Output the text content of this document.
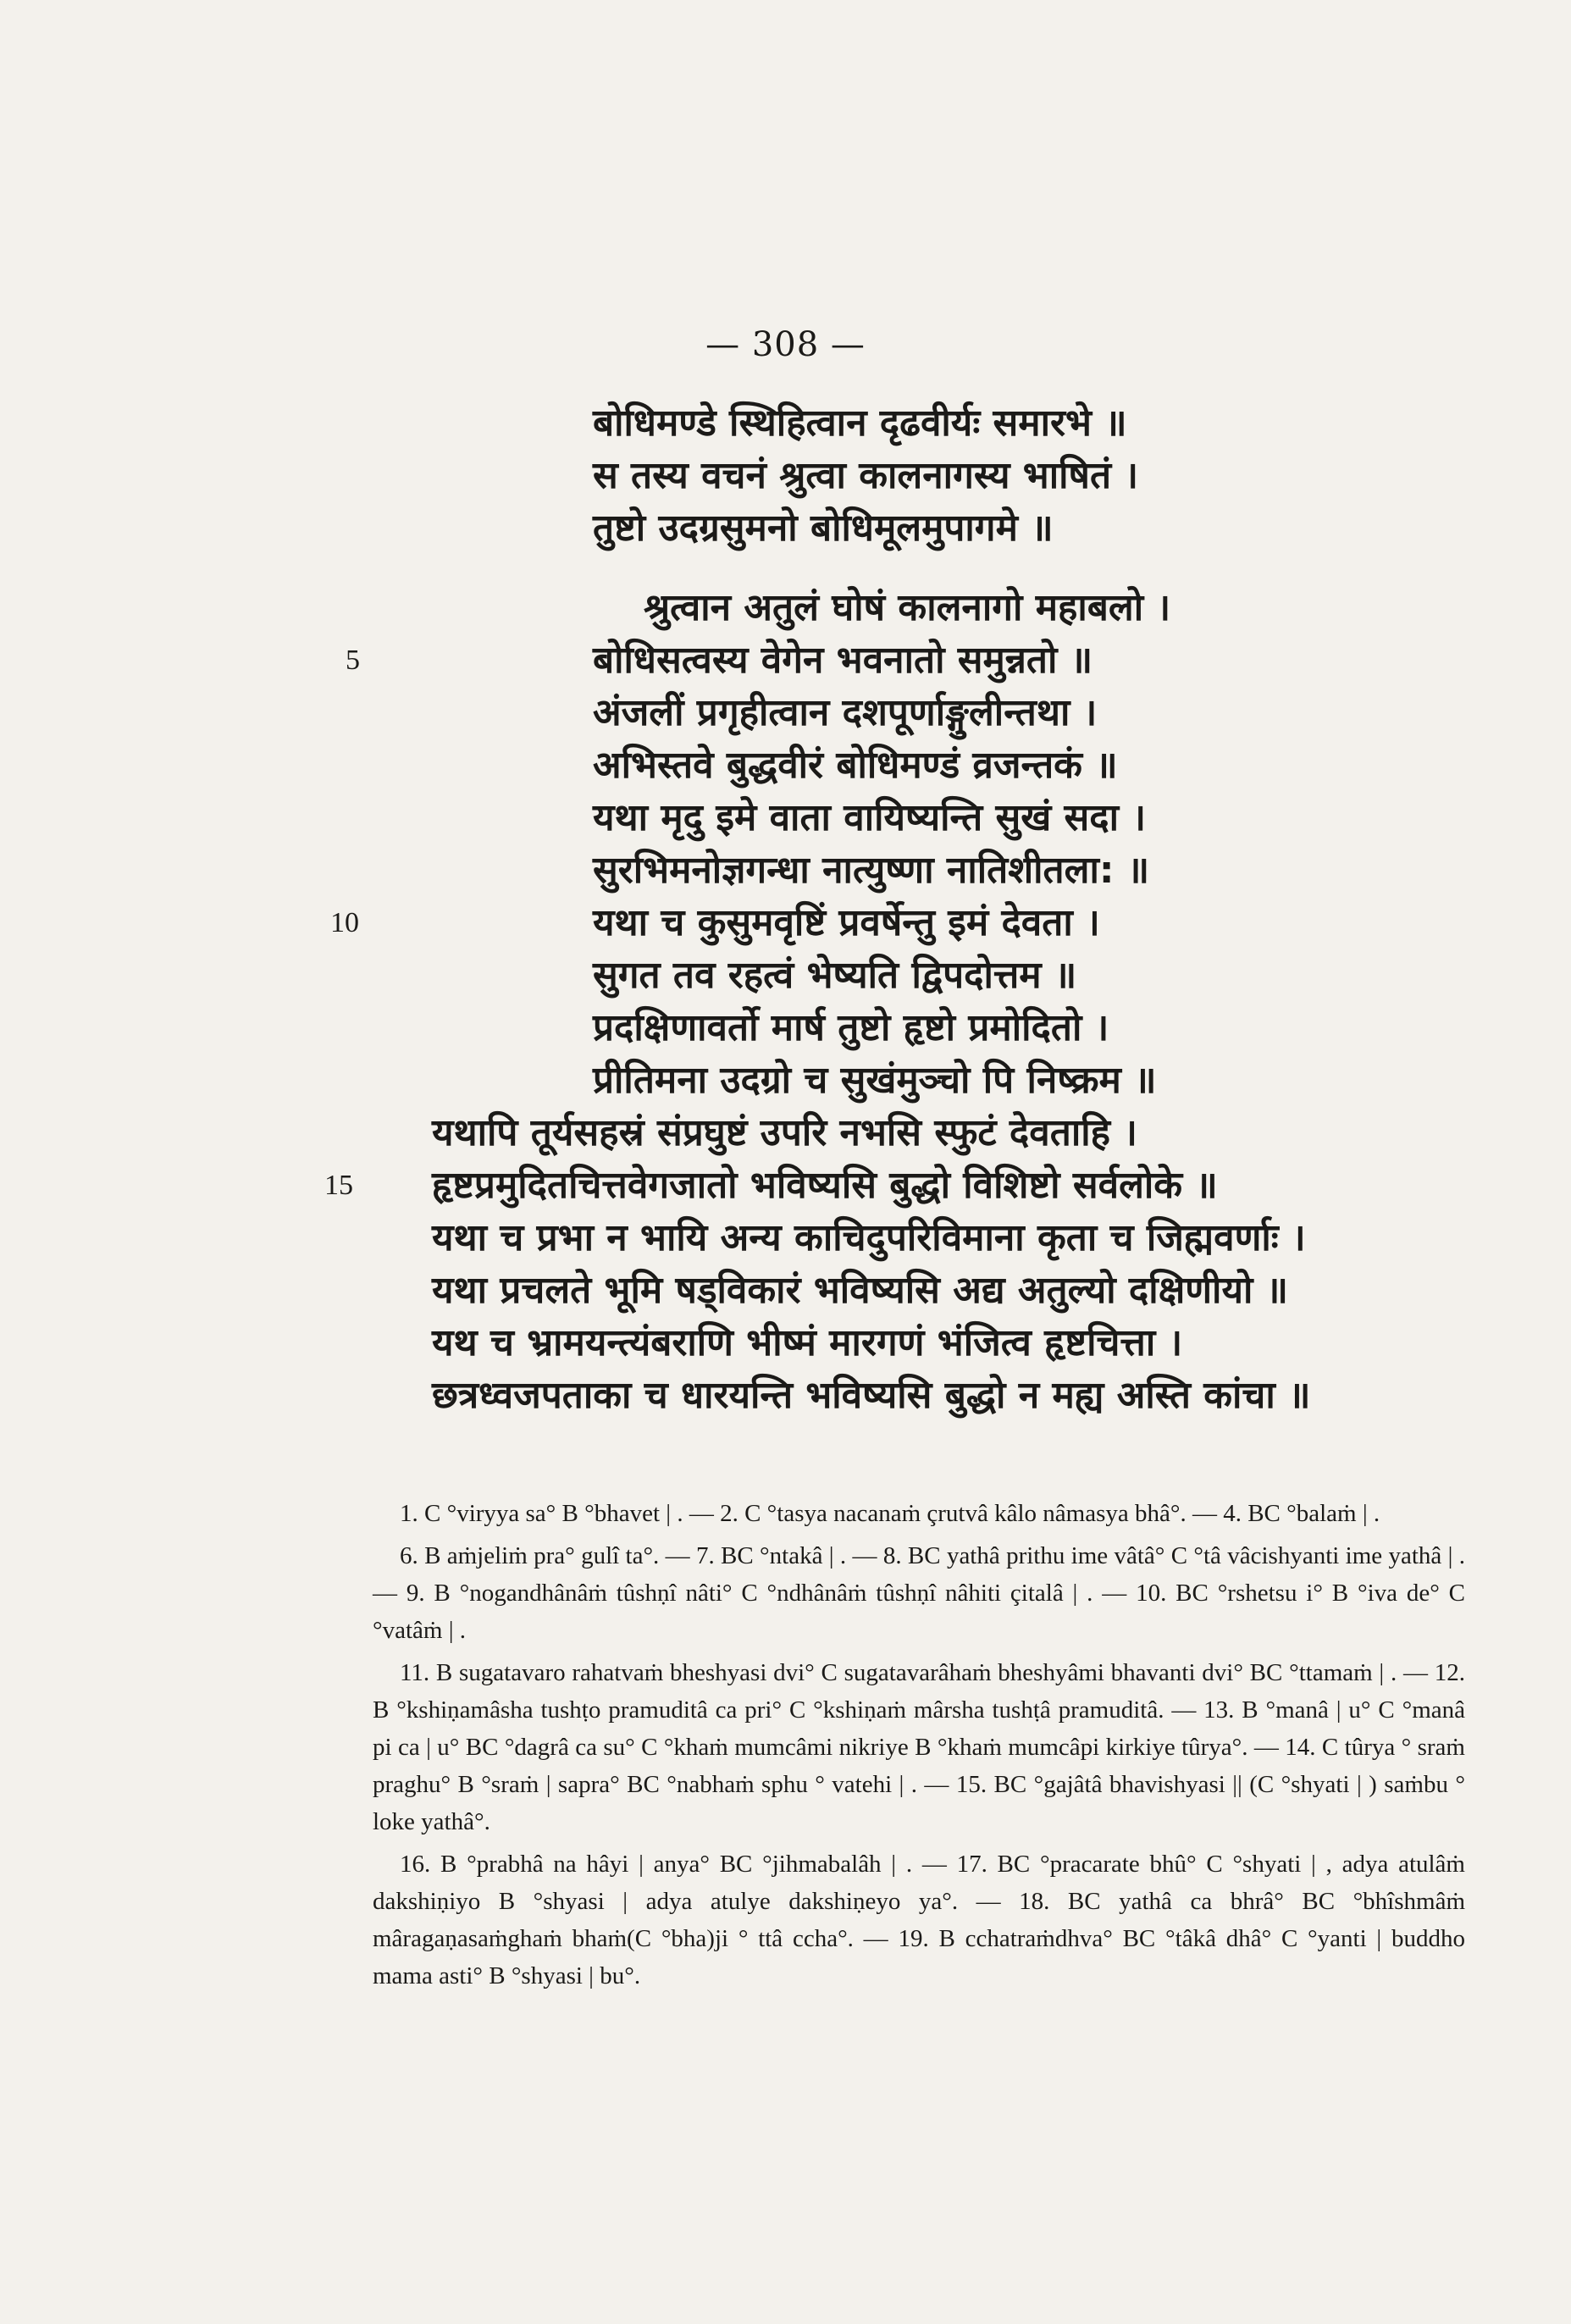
— 308 —
बोधिमण्डे स्थिहित्वान दृढवीर्यः समारभे ॥
स तस्य वचनं श्रुत्वा कालनागस्य भाषितं ।
तुष्टो उदग्रसुमनो बोधिमूलमुपागमे ॥
श्रुत्वान अतुलं घोषं कालनागो महाबलो ।
बोधिसत्वस्य वेगेन भवनातो समुन्नतो ॥
अंजलीं प्रगृहीत्वान दशपूर्णाङ्गुलीन्तथा ।
अभिस्तवे बुद्धवीरं बोधिमण्डं व्रजन्तकं ॥
यथा मृदु इमे वाता वायिष्यन्ति सुखं सदा ।
सुरभिमनोज्ञगन्धा नात्युष्णा नातिशीतला: ॥
यथा च कुसुमवृष्टिं प्रवर्षेन्तु इमं देवता ।
सुगत तव रहत्वं भेष्यति द्विपदोत्तम ॥
प्रदक्षिणावर्तो मार्ष तुष्टो हृष्टो प्रमोदितो ।
प्रीतिमना उदग्रो च सुखंमुञ्चो पि निष्क्रम ॥
यथापि तूर्यसहस्रं संप्रघुष्टं उपरि नभसि स्फुटं देवताहि ।
हृष्टप्रमुदितचित्तवेगजातो भविष्यसि बुद्धो विशिष्टो सर्वलोके ॥
यथा च प्रभा न भायि अन्य काचिदुपरिविमाना कृता च जिह्मवर्णाः ।
यथा प्रचलते भूमि षड्विकारं भविष्यसि अद्य अतुल्यो दक्षिणीयो ॥
यथ च भ्रामयन्त्यंबराणि भीष्मं मारगणं भंजित्व हृष्टचित्ता ।
छत्रध्वजपताका च धारयन्ति भविष्यसि बुद्धो न मह्य अस्ति कांचा ॥
5
10
15

1. C °viryya sa° B °bhavet | . — 2. C °tasya nacanaṁ çrutvâ kâlo nâmasya bhâ°. — 4. BC °balaṁ | .

6. B aṁjeliṁ pra° gulî ta°. — 7. BC °ntakâ | . — 8. BC yathâ prithu ime vâtâ° C °tâ vâcishyanti ime yathâ | . — 9. B °nogandhânâṁ tûshṇî nâti° C °ndhânâṁ tûshṇî nâhiti çitalâ | . — 10. BC °rshetsu i° B °iva de° C °vatâṁ | .

11. B sugatavaro rahatvaṁ bheshyasi dvi° C sugatavarâhaṁ bheshyâmi bhavanti dvi° BC °ttamaṁ | . — 12. B °kshiṇamâsha tushṭo pramuditâ ca pri° C °kshiṇaṁ mârsha tushṭâ pramuditâ. — 13. B °manâ | u° C °manâ pi ca | u° BC °dagrâ ca su° C °khaṁ mumcâmi nikriye B °khaṁ mumcâpi kirkiye tûrya°. — 14. C tûrya ° sraṁ praghu° B °sraṁ | sapra° BC °nabhaṁ sphu ° vatehi | . — 15. BC °gajâtâ bhavishyasi || (C °shyati | ) saṁbu ° loke yathâ°.

16. B °prabhâ na hâyi | anya° BC °jihmabalâh | . — 17. BC °pracarate bhû° C °shyati | , adya atulâṁ dakshiṇiyo B °shyasi | adya atulye dakshiṇeyo ya°. — 18. BC yathâ ca bhrâ° BC °bhîshmâṁ mâragaṇasaṁghaṁ bhaṁ(C °bha)ji ° ttâ ccha°. — 19. B cchatraṁdhva° BC °tâkâ dhâ° C °yanti | buddho mama asti° B °shyasi | bu°.
